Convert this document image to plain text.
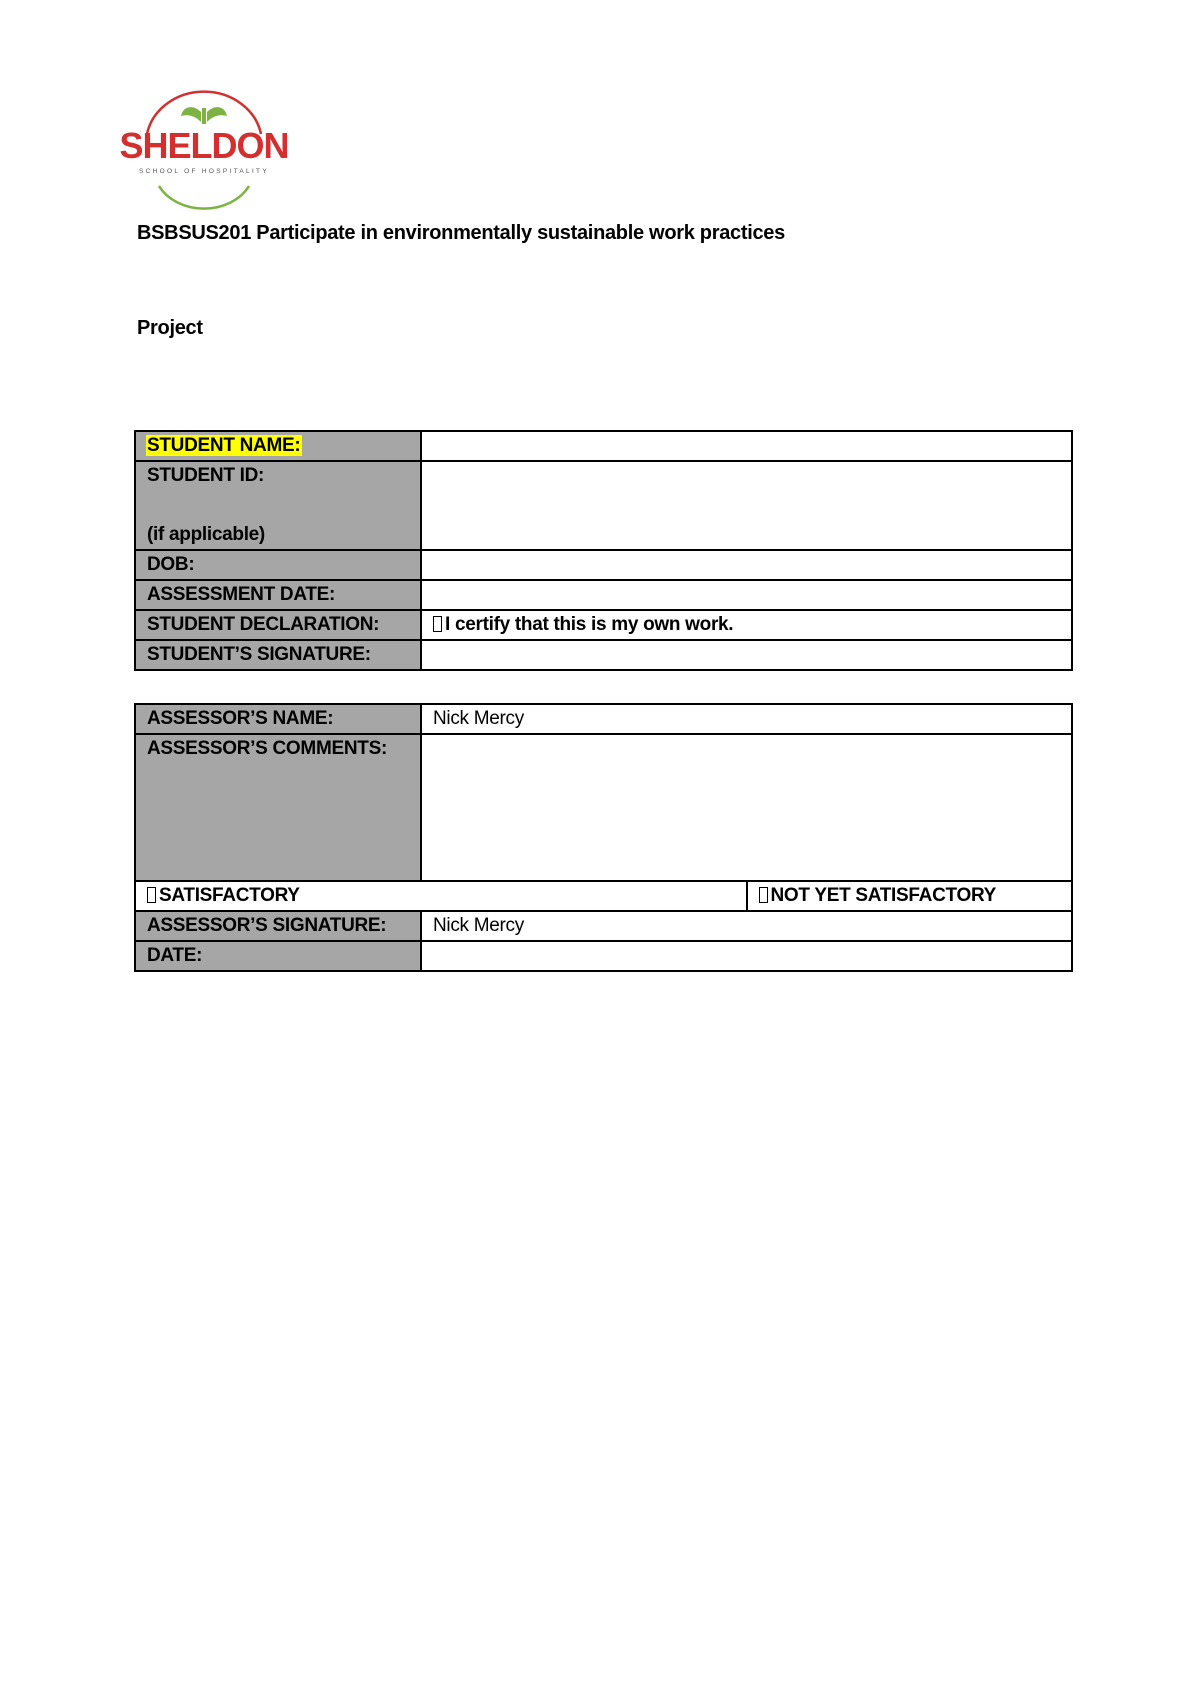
SHELDON
SCHOOL OF HOSPITALITY
BSBSUS201 Participate in environmentally sustainable work practices
Project
STUDENT NAME:	
STUDENT ID:
(if applicable)	

DOB:	
ASSESSMENT DATE:	
STUDENT DECLARATION:	I certify that this is my own work.
STUDENT’S SIGNATURE:	
ASSESSOR’S NAME:	Nick Mercy	
ASSESSOR’S COMMENTS:		
SATISFACTORY		NOT YET SATISFACTORY
ASSESSOR’S SIGNATURE:	Nick Mercy	
DATE:		
